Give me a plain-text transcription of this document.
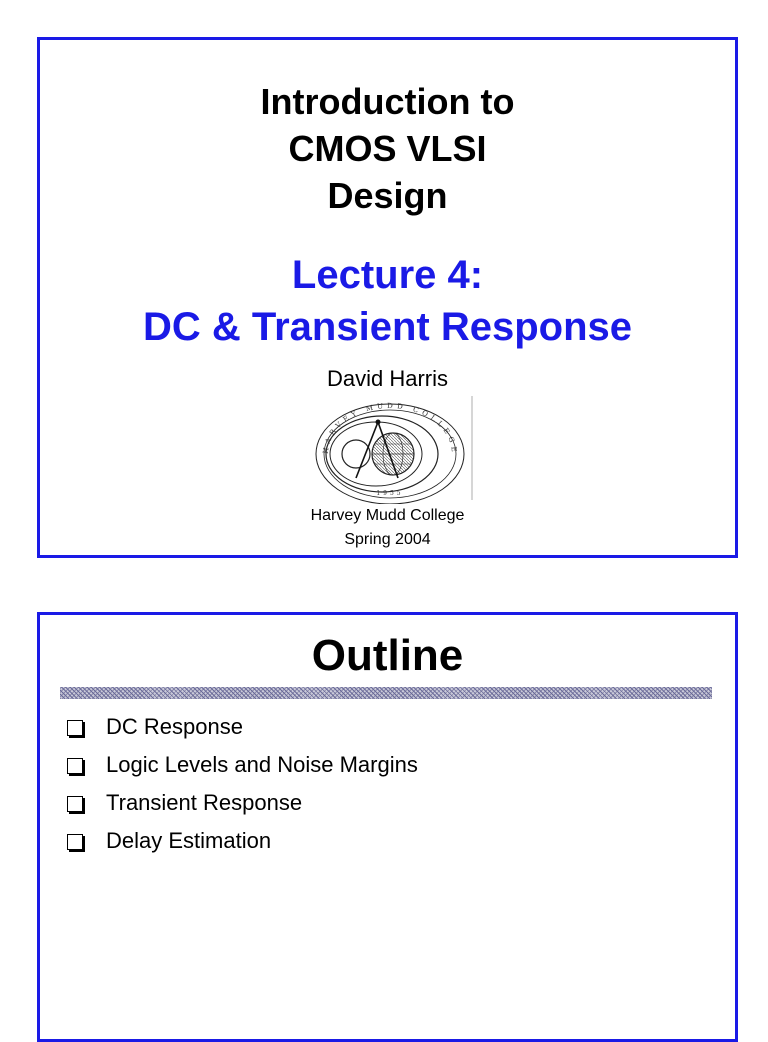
Introduction to
CMOS VLSI
Design
Lecture 4:
DC & Transient Response
David Harris
HARVEY MUDD COLLEGE
1955
Harvey Mudd College
Spring 2004
Outline
DC Response
Logic Levels and Noise Margins
Transient Response
Delay Estimation
